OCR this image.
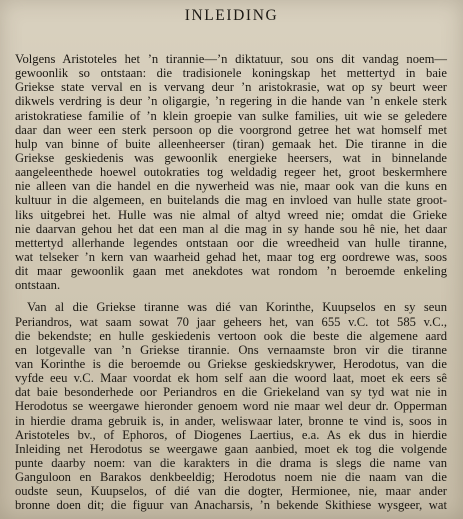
INLEIDING
Volgens Aristoteles het ’n tirannie—’n diktatuur, sou ons dit vandag noem—
gewoonlik so ontstaan: die tradisionele koningskap het mettertyd in baie
Griekse state verval en is vervang deur ’n aristokrasie, wat op sy beurt weer
dikwels verdring is deur ’n oligargie, ’n regering in die hande van ’n enkele sterk
aristokratiese familie of ’n klein groepie van sulke families, uit wie se geledere
daar dan weer een sterk persoon op die voorgrond getree het wat homself met
hulp van binne of buite alleenheerser (tiran) gemaak het. Die tiranne in die
Griekse geskiedenis was gewoonlik energieke heersers, wat in binnelande
aangeleenthede hoewel outokraties tog weldadig regeer het, groot beskermhere
nie alleen van die handel en die nywerheid was nie, maar ook van die kuns en
kultuur in die algemeen, en buitelands die mag en invloed van hulle state groot-
liks uitgebrei het. Hulle was nie almal of altyd wreed nie; omdat die Grieke
nie daarvan gehou het dat een man al die mag in sy hande sou hê nie, het daar
mettertyd allerhande legendes ontstaan oor die wreedheid van hulle tiranne,
wat telseker ’n kern van waarheid gehad het, maar tog erg oordrewe was, soos
dit maar gewoonlik gaan met anekdotes wat rondom ’n beroemde enkeling
ontstaan.
Van al die Griekse tiranne was dié van Korinthe, Kuupselos en sy seun
Periandros, wat saam sowat 70 jaar geheers het, van 655 v.C. tot 585 v.C.,
die bekendste; en hulle geskiedenis vertoon ook die beste die algemene aard
en lotgevalle van ’n Griekse tirannie. Ons vernaamste bron vir die tiranne
van Korinthe is die beroemde ou Griekse geskiedskrywer, Herodotus, van die
vyfde eeu v.C. Maar voordat ek hom self aan die woord laat, moet ek eers sê
dat baie besonderhede oor Periandros en die Griekeland van sy tyd wat nie in
Herodotus se weergawe hieronder genoem word nie maar wel deur dr. Opperman
in hierdie drama gebruik is, in ander, weliswaar later, bronne te vind is, soos in
Aristoteles bv., of Ephoros, of Diogenes Laertius, e.a. As ek dus in hierdie
Inleiding net Herodotus se weergawe gaan aanbied, moet ek tog die volgende
punte daarby noem: van die karakters in die drama is slegs die name van
Ganguloon en Barakos denkbeeldig; Herodotus noem nie die naam van die
oudste seun, Kuupselos, of dié van die dogter, Hermionee, nie, maar ander
bronne doen dit; die figuur van Anacharsis, ’n bekende Skithiese wysgeer, wat
